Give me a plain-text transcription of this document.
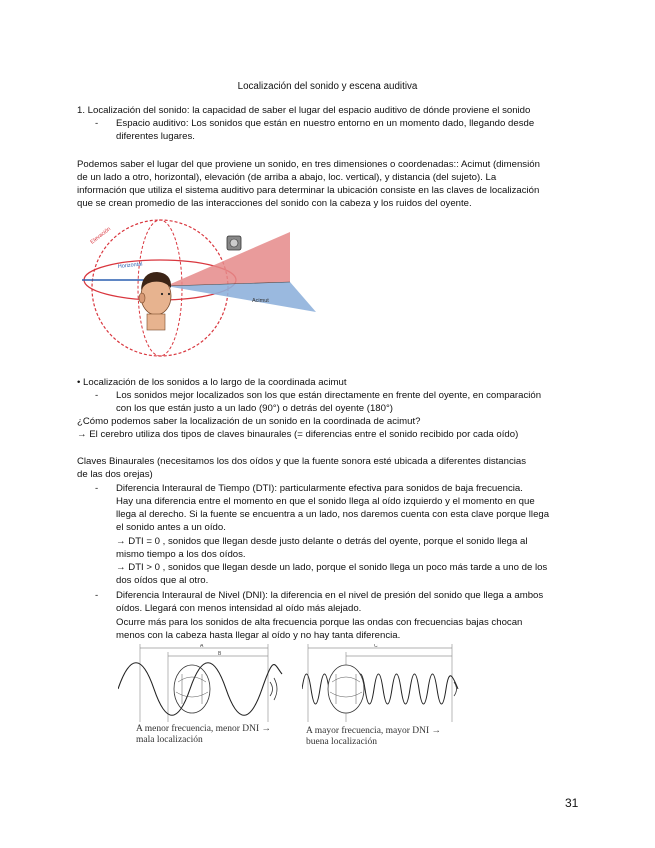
Localización del sonido y escena auditiva
1. Localización del sonido: la capacidad de saber el lugar del espacio auditivo de dónde proviene el sonido
- Espacio auditivo: Los sonidos que están en nuestro entorno en un momento dado, llegando desde
diferentes lugares.
Podemos saber el lugar del que proviene un sonido, en tres dimensiones o coordenadas:: Acimut (dimensión
de un lado a otro, horizontal), elevación (de arriba a abajo, loc. vertical), y distancia (del sujeto). La
información que utiliza el sistema auditivo para determinar la ubicación consiste en las claves de localización
que se crean promedio de las interacciones del sonido con la cabeza y los ruidos del oyente.
Elevación
Horizontal
Acimut
• Localización de los sonidos a lo largo de la coordinada acimut
- Los sonidos mejor localizados son los que están directamente en frente del oyente, en comparación
con los que están justo a un lado (90°) o detrás del oyente (180°)
¿Cómo podemos saber la localización de un sonido en la coordinada de acimut?
→ El cerebro utiliza dos tipos de claves binaurales (= diferencias entre el sonido recibido por cada oído)
Claves Binaurales (necesitamos los dos oídos y que la fuente sonora esté ubicada a diferentes distancias
de las dos orejas)
- Diferencia Interaural de Tiempo (DTI): particularmente efectiva para sonidos de baja frecuencia.
Hay una diferencia entre el momento en que el sonido llega al oído izquierdo y el momento en que
llega al derecho. Si la fuente se encuentra a un lado, nos daremos cuenta con esta clave porque llega
el sonido antes a un oído.
→ DTI = 0 , sonidos que llegan desde justo delante o detrás del oyente, porque el sonido llega al
mismo tiempo a los dos oídos.
→ DTI > 0 , sonidos que llegan desde un lado, porque el sonido llega un poco más tarde a uno de los
dos oídos que al otro.
- Diferencia Interaural de Nivel (DNI): la diferencia en el nivel de presión del sonido que llega a ambos
oídos. Llegará con menos intensidad al oído más alejado.
Ocurre más para los sonidos de alta frecuencia porque las ondas con frecuencias bajas chocan
menos con la cabeza hasta llegar al oído y no hay tanta diferencia.
A
B
A menor frecuencia, menor DNI →
mala localización
C
A mayor frecuencia, mayor DNI →
buena localización
31
